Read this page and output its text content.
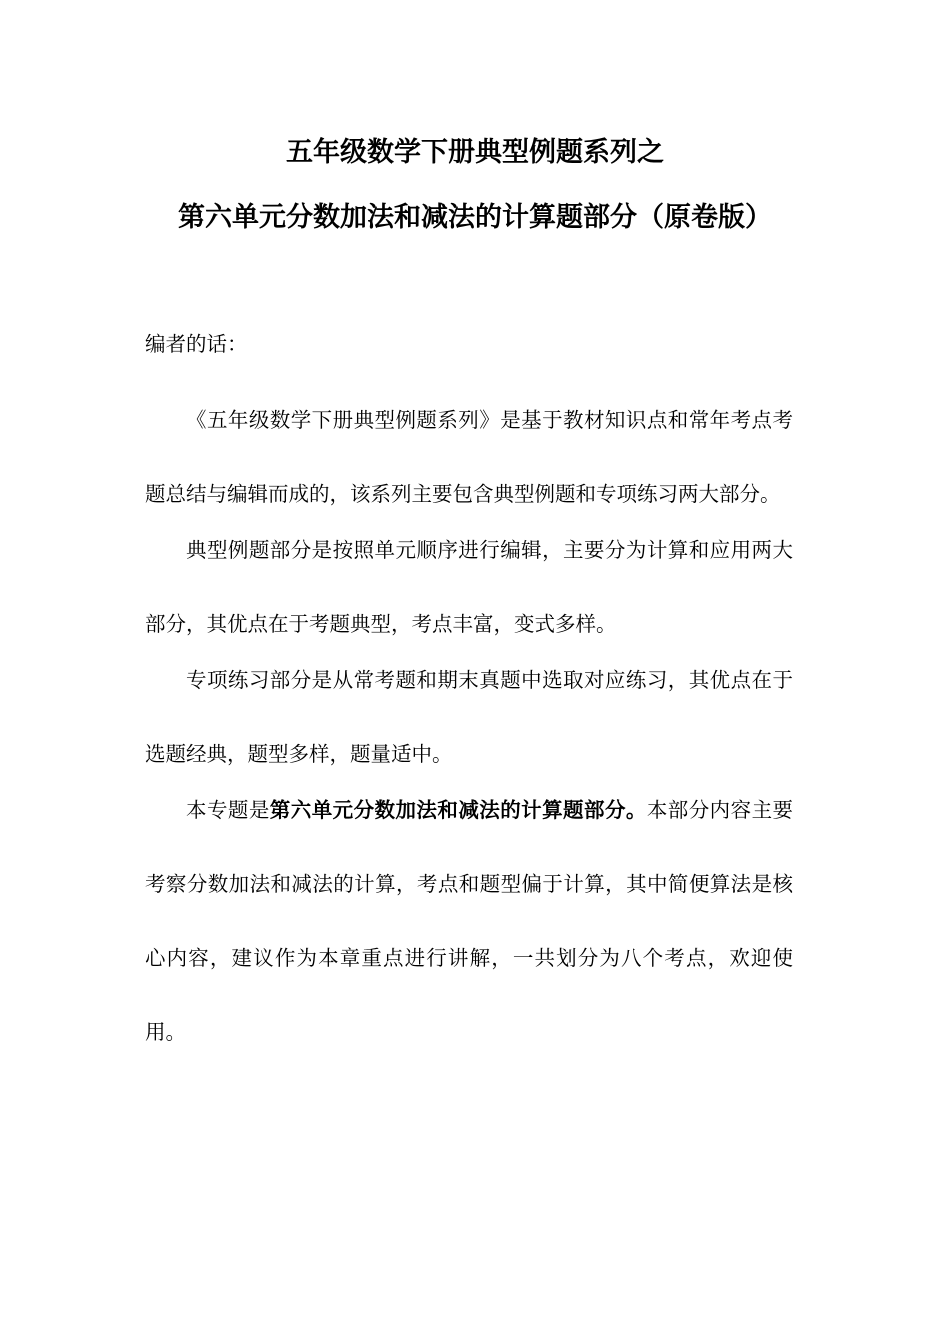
五年级数学下册典型例题系列之
第六单元分数加法和减法的计算题部分（原卷版）

编者的话：

《五年级数学下册典型例题系列》是基于教材知识点和常年考点考题总结与编辑而成的，该系列主要包含典型例题和专项练习两大部分。

典型例题部分是按照单元顺序进行编辑，主要分为计算和应用两大部分，其优点在于考题典型，考点丰富，变式多样。

专项练习部分是从常考题和期末真题中选取对应练习，其优点在于选题经典，题型多样，题量适中。

本专题是第六单元分数加法和减法的计算题部分。本部分内容主要考察分数加法和减法的计算，考点和题型偏于计算，其中简便算法是核心内容，建议作为本章重点进行讲解，一共划分为八个考点，欢迎使用。
